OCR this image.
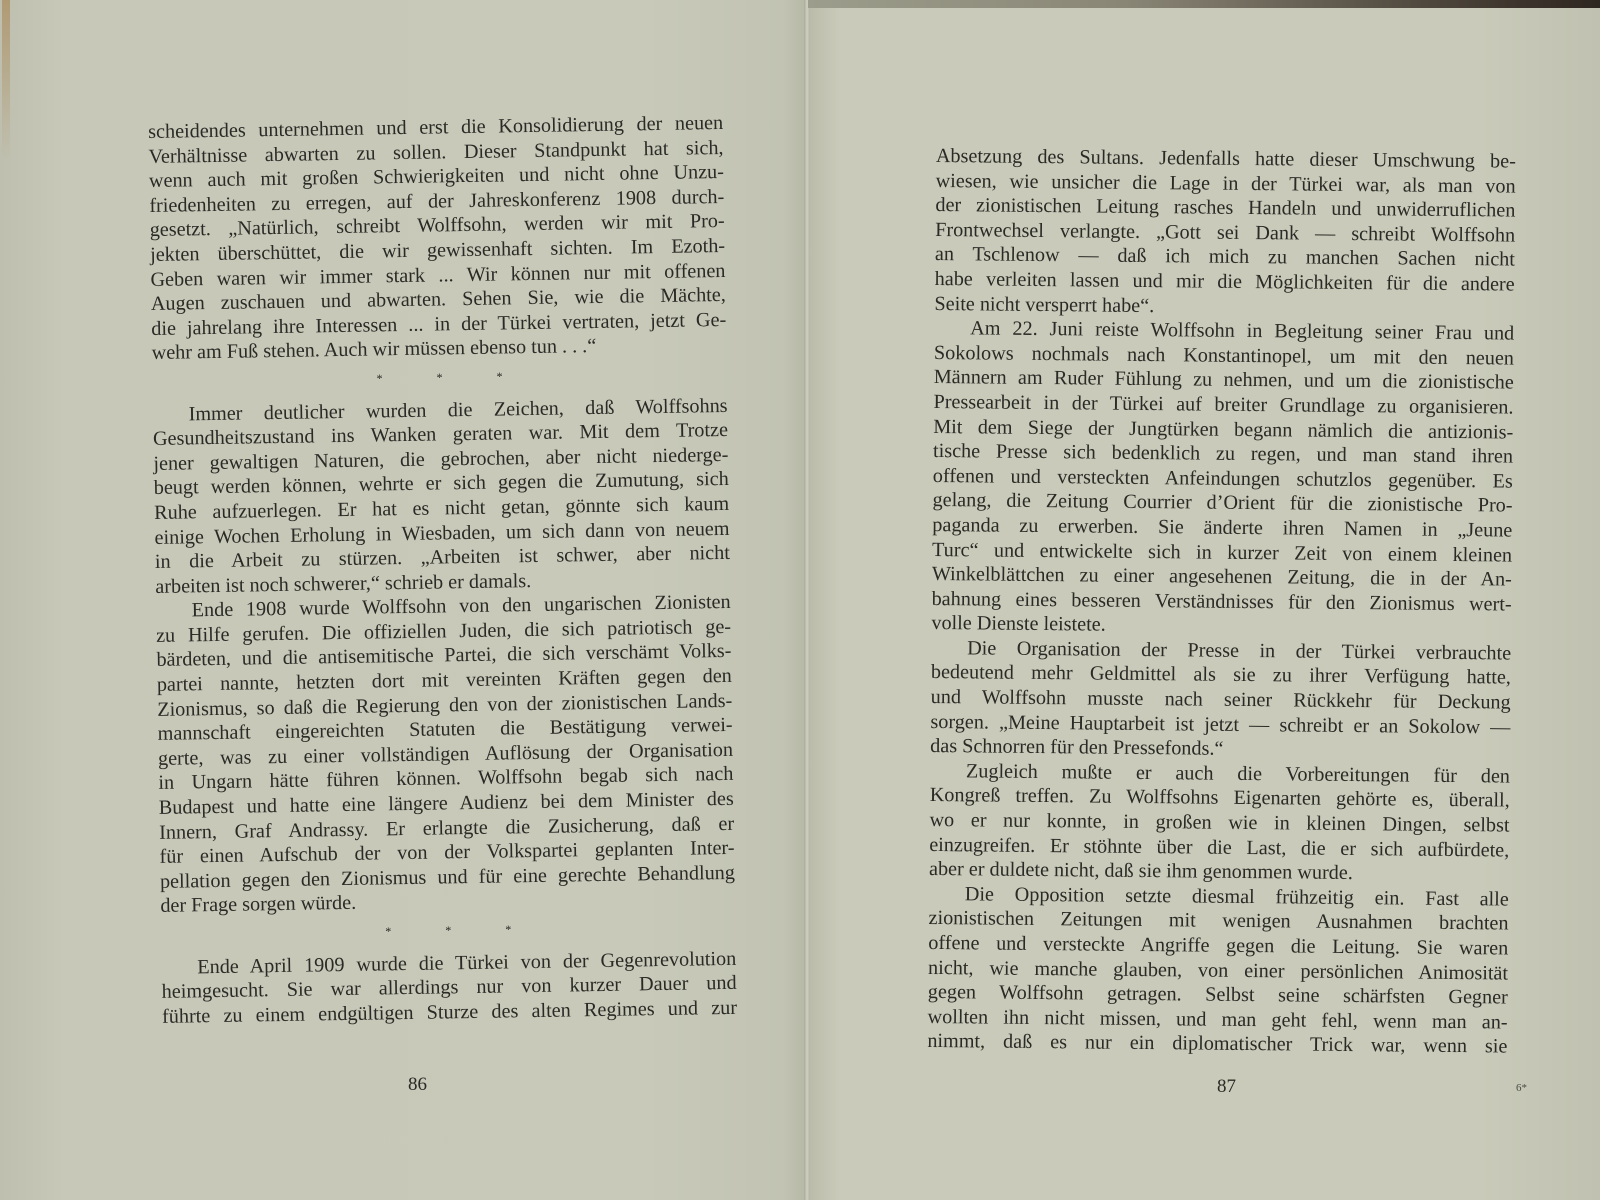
scheidendes unternehmen und erst die Konsolidierung der neuen
Verhältnisse abwarten zu sollen. Dieser Standpunkt hat sich,
wenn auch mit großen Schwierigkeiten und nicht ohne Unzu-
friedenheiten zu erregen, auf der Jahreskonferenz 1908 durch-
gesetzt. „Natürlich, schreibt Wolffsohn, werden wir mit Pro-
jekten überschüttet, die wir gewissenhaft sichten. Im Ezoth-
Geben waren wir immer stark ... Wir können nur mit offenen
Augen zuschauen und abwarten. Sehen Sie, wie die Mächte,
die jahrelang ihre Interessen ... in der Türkei vertraten, jetzt Ge-
wehr am Fuß stehen. Auch wir müssen ebenso tun . . .“
*	*	*
Immer deutlicher wurden die Zeichen, daß Wolffsohns
Gesundheitszustand ins Wanken geraten war. Mit dem Trotze
jener gewaltigen Naturen, die gebrochen, aber nicht niederge-
beugt werden können, wehrte er sich gegen die Zumutung, sich
Ruhe aufzuerlegen. Er hat es nicht getan, gönnte sich kaum
einige Wochen Erholung in Wiesbaden, um sich dann von neuem
in die Arbeit zu stürzen. „Arbeiten ist schwer, aber nicht
arbeiten ist noch schwerer,“ schrieb er damals.
Ende 1908 wurde Wolffsohn von den ungarischen Zionisten
zu Hilfe gerufen. Die offiziellen Juden, die sich patriotisch ge-
bärdeten, und die antisemitische Partei, die sich verschämt Volks-
partei nannte, hetzten dort mit vereinten Kräften gegen den
Zionismus, so daß die Regierung den von der zionistischen Lands-
mannschaft eingereichten Statuten die Bestätigung verwei-
gerte, was zu einer vollständigen Auflösung der Organisation
in Ungarn hätte führen können. Wolffsohn begab sich nach
Budapest und hatte eine längere Audienz bei dem Minister des
Innern, Graf Andrassy. Er erlangte die Zusicherung, daß er
für einen Aufschub der von der Volkspartei geplanten Inter-
pellation gegen den Zionismus und für eine gerechte Behandlung
der Frage sorgen würde.
*	*	*
Ende April 1909 wurde die Türkei von der Gegenrevolution
heimgesucht. Sie war allerdings nur von kurzer Dauer und
führte zu einem endgültigen Sturze des alten Regimes und zur
Absetzung des Sultans. Jedenfalls hatte dieser Umschwung be-
wiesen, wie unsicher die Lage in der Türkei war, als man von
der zionistischen Leitung rasches Handeln und unwiderruflichen
Frontwechsel verlangte. „Gott sei Dank — schreibt Wolffsohn
an Tschlenow — daß ich mich zu manchen Sachen nicht
habe verleiten lassen und mir die Möglichkeiten für die andere
Seite nicht versperrt habe“.
Am 22. Juni reiste Wolffsohn in Begleitung seiner Frau und
Sokolows nochmals nach Konstantinopel, um mit den neuen
Männern am Ruder Fühlung zu nehmen, und um die zionistische
Pressearbeit in der Türkei auf breiter Grundlage zu organisieren.
Mit dem Siege der Jungtürken begann nämlich die antizionis-
tische Presse sich bedenklich zu regen, und man stand ihren
offenen und versteckten Anfeindungen schutzlos gegenüber. Es
gelang, die Zeitung Courrier d’Orient für die zionistische Pro-
paganda zu erwerben. Sie änderte ihren Namen in „Jeune
Turc“ und entwickelte sich in kurzer Zeit von einem kleinen
Winkelblättchen zu einer angesehenen Zeitung, die in der An-
bahnung eines besseren Verständnisses für den Zionismus wert-
volle Dienste leistete.
Die Organisation der Presse in der Türkei verbrauchte
bedeutend mehr Geldmittel als sie zu ihrer Verfügung hatte,
und Wolffsohn musste nach seiner Rückkehr für Deckung
sorgen. „Meine Hauptarbeit ist jetzt — schreibt er an Sokolow —
das Schnorren für den Pressefonds.“
Zugleich mußte er auch die Vorbereitungen für den
Kongreß treffen. Zu Wolffsohns Eigenarten gehörte es, überall,
wo er nur konnte, in großen wie in kleinen Dingen, selbst
einzugreifen. Er stöhnte über die Last, die er sich aufbürdete,
aber er duldete nicht, daß sie ihm genommen wurde.
Die Opposition setzte diesmal frühzeitig ein. Fast alle
zionistischen Zeitungen mit wenigen Ausnahmen brachten
offene und versteckte Angriffe gegen die Leitung. Sie waren
nicht, wie manche glauben, von einer persönlichen Animosität
gegen Wolffsohn getragen. Selbst seine schärfsten Gegner
wollten ihn nicht missen, und man geht fehl, wenn man an-
nimmt, daß es nur ein diplomatischer Trick war, wenn sie
86	87	6*
